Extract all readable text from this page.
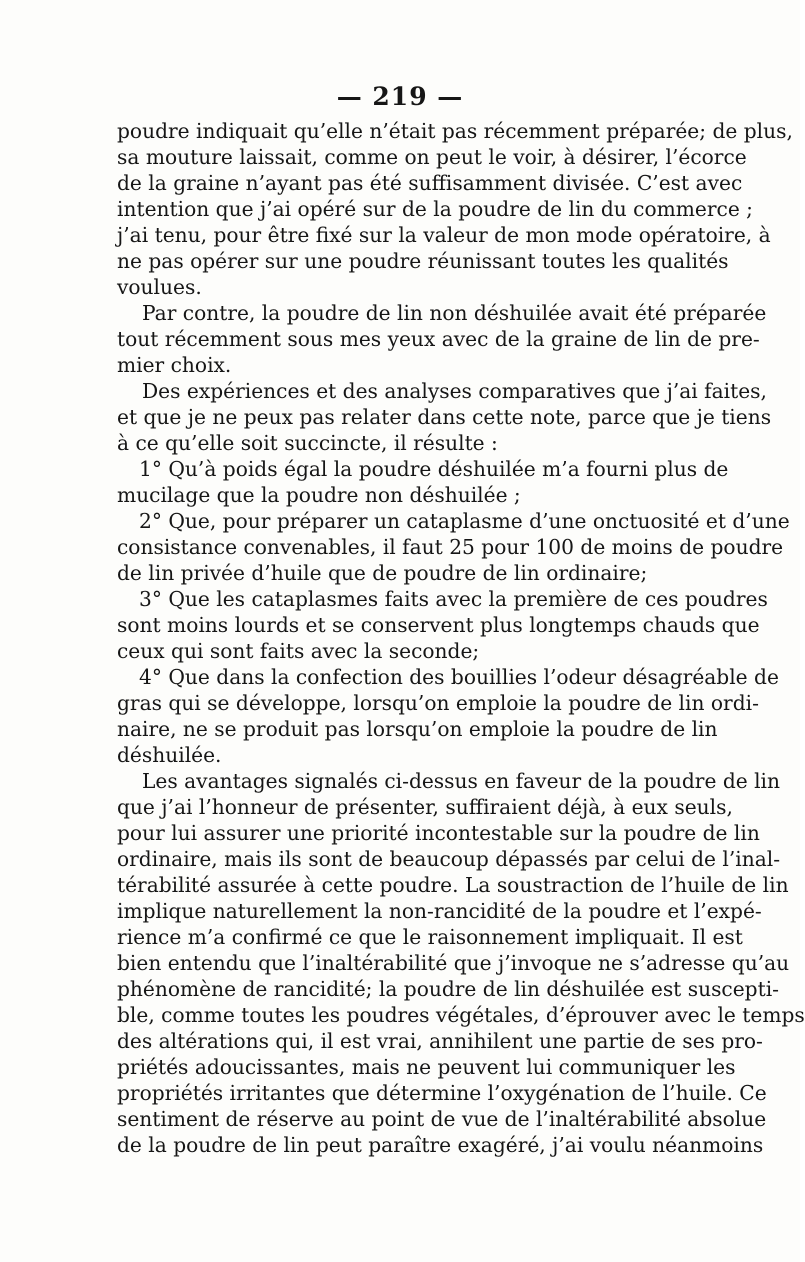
— 219 —
poudre indiquait qu’elle n’était pas récemment préparée; de plus,
sa mouture laissait, comme on peut le voir, à désirer, l’écorce
de la graine n’ayant pas été suffisamment divisée. C’est avec
intention que j’ai opéré sur de la poudre de lin du commerce ;
j’ai tenu, pour être fixé sur la valeur de mon mode opératoire, à
ne pas opérer sur une poudre réunissant toutes les qualités
voulues.
Par contre, la poudre de lin non déshuilée avait été préparée
tout récemment sous mes yeux avec de la graine de lin de pre-
mier choix.
Des expériences et des analyses comparatives que j’ai faites,
et que je ne peux pas relater dans cette note, parce que je tiens
à ce qu’elle soit succincte, il résulte :
1° Qu’à poids égal la poudre déshuilée m’a fourni plus de
mucilage que la poudre non déshuilée ;
2° Que, pour préparer un cataplasme d’une onctuosité et d’une
consistance convenables, il faut 25 pour 100 de moins de poudre
de lin privée d’huile que de poudre de lin ordinaire;
3° Que les cataplasmes faits avec la première de ces poudres
sont moins lourds et se conservent plus longtemps chauds que
ceux qui sont faits avec la seconde;
4° Que dans la confection des bouillies l’odeur désagréable de
gras qui se développe, lorsqu’on emploie la poudre de lin ordi-
naire, ne se produit pas lorsqu’on emploie la poudre de lin
déshuilée.
Les avantages signalés ci-dessus en faveur de la poudre de lin
que j’ai l’honneur de présenter, suffiraient déjà, à eux seuls,
pour lui assurer une priorité incontestable sur la poudre de lin
ordinaire, mais ils sont de beaucoup dépassés par celui de l’inal-
térabilité assurée à cette poudre. La soustraction de l’huile de lin
implique naturellement la non-rancidité de la poudre et l’expé-
rience m’a confirmé ce que le raisonnement impliquait. Il est
bien entendu que l’inaltérabilité que j’invoque ne s’adresse qu’au
phénomène de rancidité; la poudre de lin déshuilée est suscepti-
ble, comme toutes les poudres végétales, d’éprouver avec le temps
des altérations qui, il est vrai, annihilent une partie de ses pro-
priétés adoucissantes, mais ne peuvent lui communiquer les
propriétés irritantes que détermine l’oxygénation de l’huile. Ce
sentiment de réserve au point de vue de l’inaltérabilité absolue
de la poudre de lin peut paraître exagéré, j’ai voulu néanmoins
